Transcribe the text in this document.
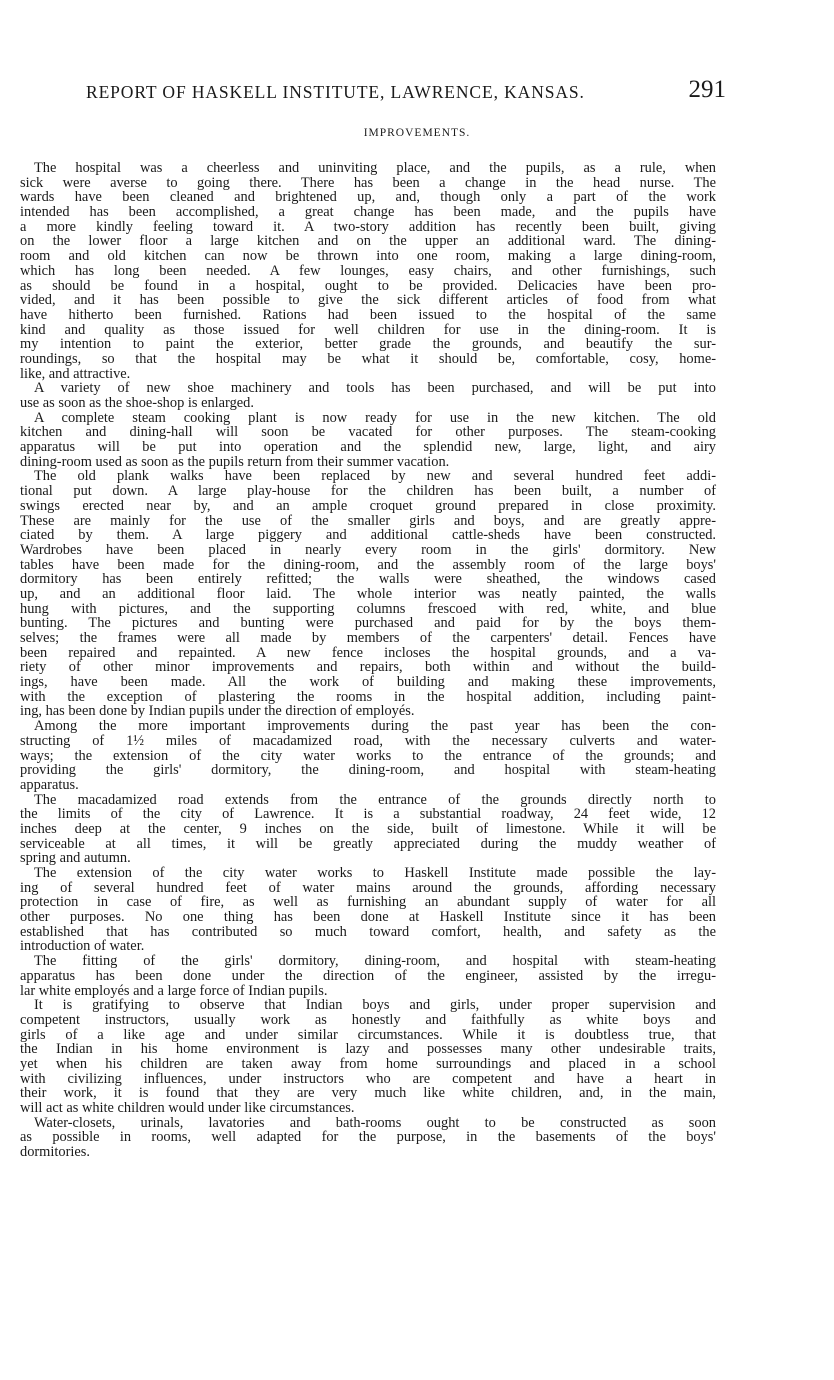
REPORT OF HASKELL INSTITUTE, LAWRENCE, KANSAS.	291
IMPROVEMENTS.
The hospital was a cheerless and uninviting place, and the pupils, as a rule, when
sick were averse to going there. There has been a change in the head nurse. The
wards have been cleaned and brightened up, and, though only a part of the work
intended has been accomplished, a great change has been made, and the pupils have
a more kindly feeling toward it. A two-story addition has recently been built, giving
on the lower floor a large kitchen and on the upper an additional ward. The dining-
room and old kitchen can now be thrown into one room, making a large dining-room,
which has long been needed. A few lounges, easy chairs, and other furnishings, such
as should be found in a hospital, ought to be provided. Delicacies have been pro-
vided, and it has been possible to give the sick different articles of food from what
have hitherto been furnished. Rations had been issued to the hospital of the same
kind and quality as those issued for well children for use in the dining-room. It is
my intention to paint the exterior, better grade the grounds, and beautify the sur-
roundings, so that the hospital may be what it should be, comfortable, cosy, home-
like, and attractive.
A variety of new shoe machinery and tools has been purchased, and will be put into
use as soon as the shoe-shop is enlarged.
A complete steam cooking plant is now ready for use in the new kitchen. The old
kitchen and dining-hall will soon be vacated for other purposes. The steam-cooking
apparatus will be put into operation and the splendid new, large, light, and airy
dining-room used as soon as the pupils return from their summer vacation.
The old plank walks have been replaced by new and several hundred feet addi-
tional put down. A large play-house for the children has been built, a number of
swings erected near by, and an ample croquet ground prepared in close proximity.
These are mainly for the use of the smaller girls and boys, and are greatly appre-
ciated by them. A large piggery and additional cattle-sheds have been constructed.
Wardrobes have been placed in nearly every room in the girls' dormitory. New
tables have been made for the dining-room, and the assembly room of the large boys'
dormitory has been entirely refitted; the walls were sheathed, the windows cased
up, and an additional floor laid. The whole interior was neatly painted, the walls
hung with pictures, and the supporting columns frescoed with red, white, and blue
bunting. The pictures and bunting were purchased and paid for by the boys them-
selves; the frames were all made by members of the carpenters' detail. Fences have
been repaired and repainted. A new fence incloses the hospital grounds, and a va-
riety of other minor improvements and repairs, both within and without the build-
ings, have been made. All the work of building and making these improvements,
with the exception of plastering the rooms in the hospital addition, including paint-
ing, has been done by Indian pupils under the direction of employés.
Among the more important improvements during the past year has been the con-
structing of 1½ miles of macadamized road, with the necessary culverts and water-
ways; the extension of the city water works to the entrance of the grounds; and
providing the girls' dormitory, the dining-room, and hospital with steam-heating
apparatus.
The macadamized road extends from the entrance of the grounds directly north to
the limits of the city of Lawrence. It is a substantial roadway, 24 feet wide, 12
inches deep at the center, 9 inches on the side, built of limestone. While it will be
serviceable at all times, it will be greatly appreciated during the muddy weather of
spring and autumn.
The extension of the city water works to Haskell Institute made possible the lay-
ing of several hundred feet of water mains around the grounds, affording necessary
protection in case of fire, as well as furnishing an abundant supply of water for all
other purposes. No one thing has been done at Haskell Institute since it has been
established that has contributed so much toward comfort, health, and safety as the
introduction of water.
The fitting of the girls' dormitory, dining-room, and hospital with steam-heating
apparatus has been done under the direction of the engineer, assisted by the irregu-
lar white employés and a large force of Indian pupils.
It is gratifying to observe that Indian boys and girls, under proper supervision and
competent instructors, usually work as honestly and faithfully as white boys and
girls of a like age and under similar circumstances. While it is doubtless true, that
the Indian in his home environment is lazy and possesses many other undesirable traits,
yet when his children are taken away from home surroundings and placed in a school
with civilizing influences, under instructors who are competent and have a heart in
their work, it is found that they are very much like white children, and, in the main,
will act as white children would under like circumstances.
Water-closets, urinals, lavatories and bath-rooms ought to be constructed as soon
as possible in rooms, well adapted for the purpose, in the basements of the boys'
dormitories.
